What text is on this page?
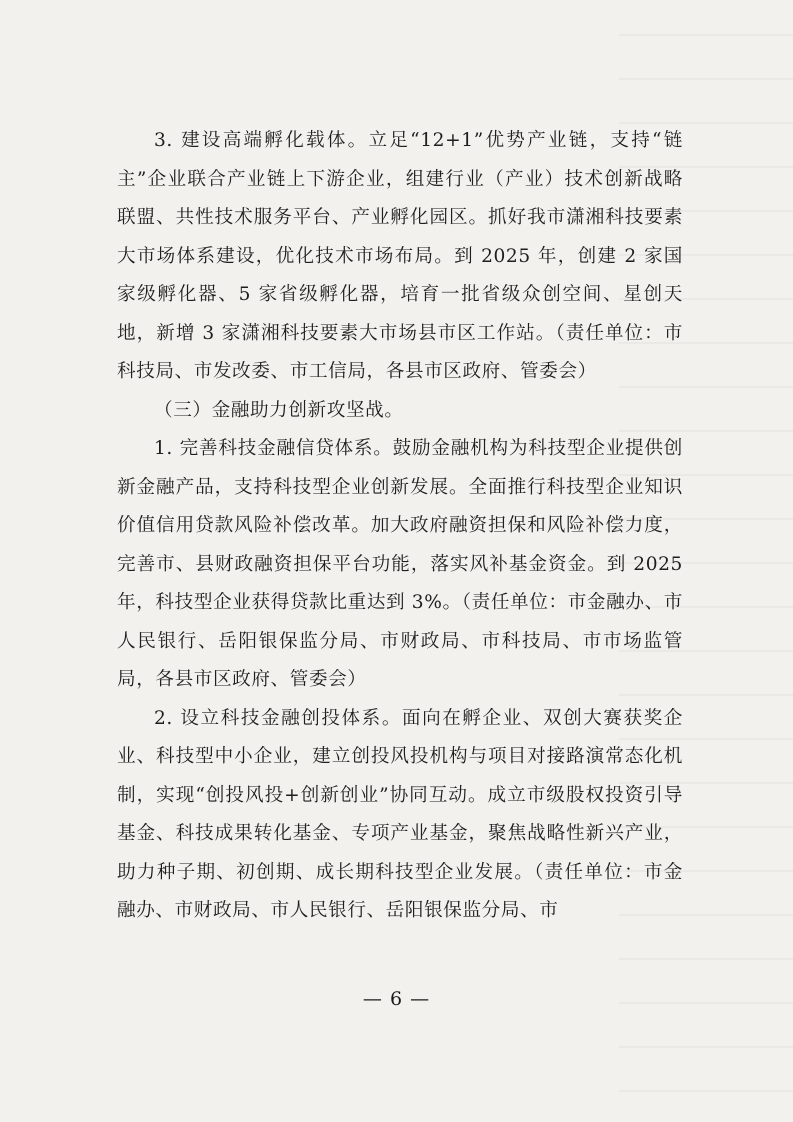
3. 建设高端孵化载体。立足“12+1”优势产业链，支持“链主”企业联合产业链上下游企业，组建行业（产业）技术创新战略联盟、共性技术服务平台、产业孵化园区。抓好我市潇湘科技要素大市场体系建设，优化技术市场布局。到 2025 年，创建 2 家国家级孵化器、5 家省级孵化器，培育一批省级众创空间、星创天地，新增 3 家潇湘科技要素大市场县市区工作站。（责任单位：市科技局、市发改委、市工信局，各县市区政府、管委会）

（三）金融助力创新攻坚战。

1. 完善科技金融信贷体系。鼓励金融机构为科技型企业提供创新金融产品，支持科技型企业创新发展。全面推行科技型企业知识价值信用贷款风险补偿改革。加大政府融资担保和风险补偿力度，完善市、县财政融资担保平台功能，落实风补基金资金。到 2025 年，科技型企业获得贷款比重达到 3%。（责任单位：市金融办、市人民银行、岳阳银保监分局、市财政局、市科技局、市市场监管局，各县市区政府、管委会）

2. 设立科技金融创投体系。面向在孵企业、双创大赛获奖企业、科技型中小企业，建立创投风投机构与项目对接路演常态化机制，实现“创投风投+创新创业”协同互动。成立市级股权投资引导基金、科技成果转化基金、专项产业基金，聚焦战略性新兴产业，助力种子期、初创期、成长期科技型企业发展。（责任单位：市金融办、市财政局、市人民银行、岳阳银保监分局、市

— 6 —
